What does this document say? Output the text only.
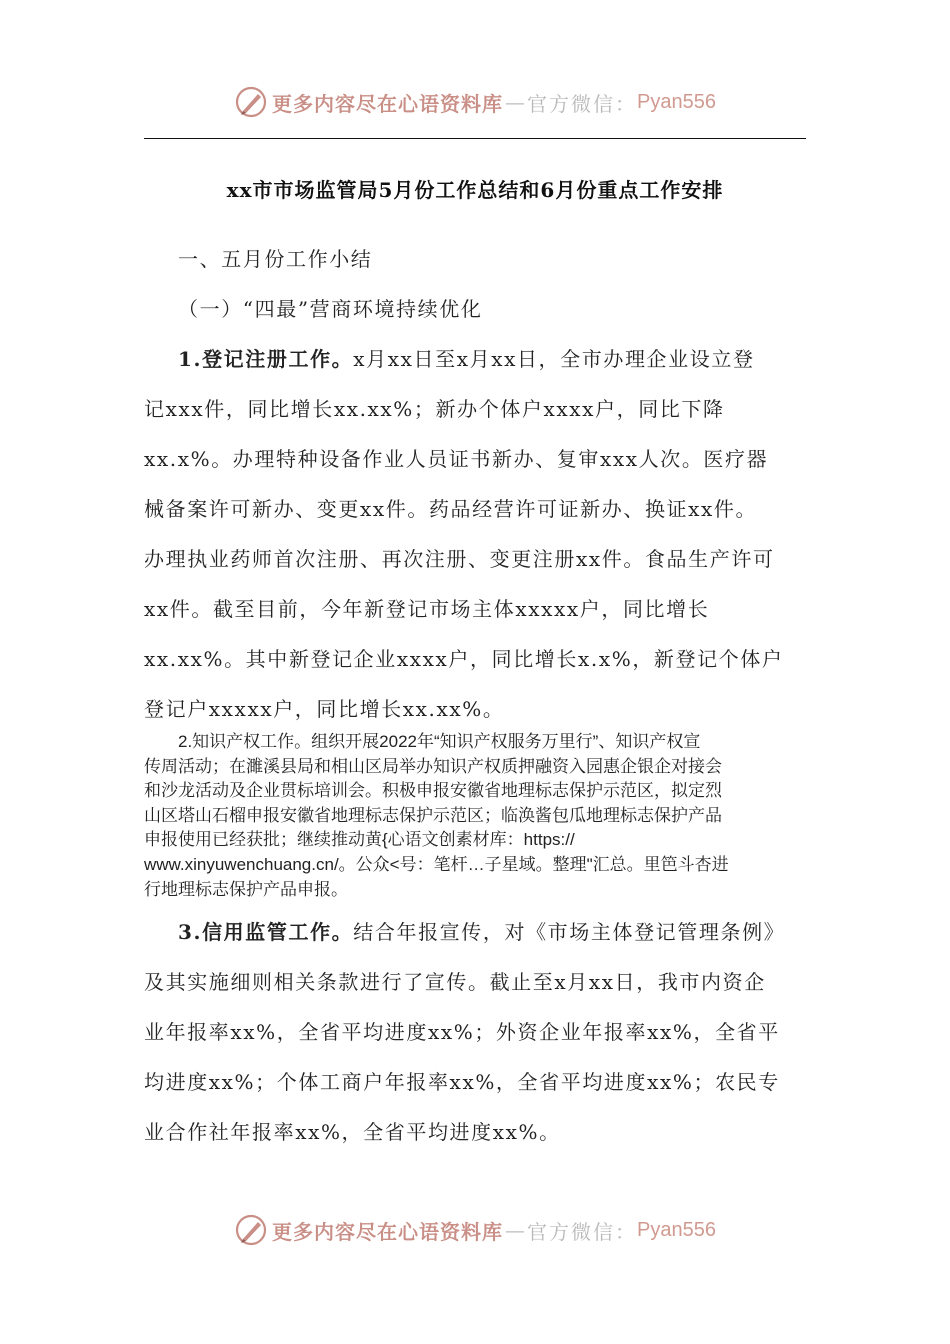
更多内容尽在心语资料库 — 官方微信： Pyan556
xx市市场监管局5月份工作总结和6月份重点工作安排
一、五月份工作小结
（一）“四最”营商环境持续优化
1.登记注册工作。x月xx日至x月xx日，全市办理企业设立登
记xxx件，同比增长xx.xx%；新办个体户xxxx户，同比下降
xx.x%。办理特种设备作业人员证书新办、复审xxx人次。医疗器
械备案许可新办、变更xx件。药品经营许可证新办、换证xx件。
办理执业药师首次注册、再次注册、变更注册xx件。食品生产许可
xx件。截至目前，今年新登记市场主体xxxxx户，同比增长
xx.xx%。其中新登记企业xxxx户，同比增长x.x%，新登记个体户
登记户xxxxx户，同比增长xx.xx%。
2.知识产权工作。组织开展2022年“知识产权服务万里行”、知识产权宣
传周活动；在濉溪县局和相山区局举办知识产权质押融资入园惠企银企对接会
和沙龙活动及企业贯标培训会。积极申报安徽省地理标志保护示范区，拟定烈
山区塔山石榴申报安徽省地理标志保护示范区；临涣酱包瓜地理标志保护产品
申报使用已经获批；继续推动黄{心语文创素材库：https://
www.xinyuwenchuang.cn/。公众<号：笔杆…子星域。整理"汇总。里笆斗杏进
行地理标志保护产品申报。
3.信用监管工作。结合年报宣传，对《市场主体登记管理条例》
及其实施细则相关条款进行了宣传。截止至x月xx日，我市内资企
业年报率xx%，全省平均进度xx%；外资企业年报率xx%，全省平
均进度xx%；个体工商户年报率xx%，全省平均进度xx%；农民专
业合作社年报率xx%，全省平均进度xx%。
更多内容尽在心语资料库 — 官方微信： Pyan556
